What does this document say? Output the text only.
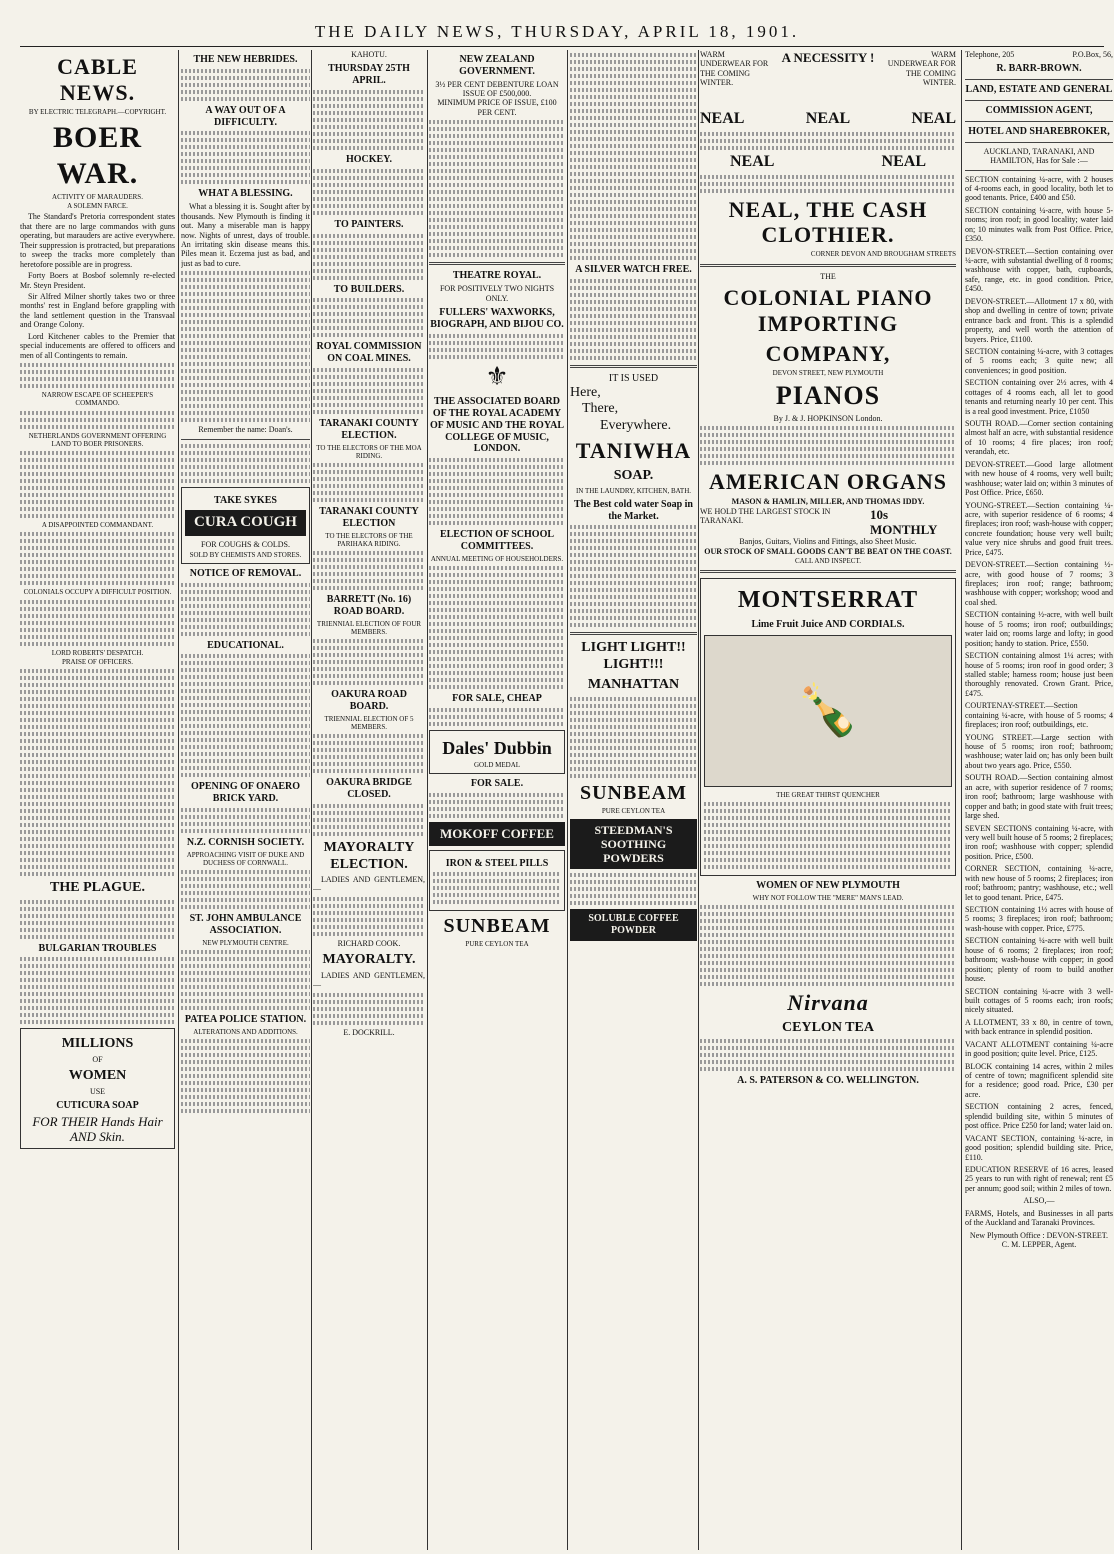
THE DAILY NEWS, THURSDAY, APRIL 18, 1901.
CABLE NEWS.
BY ELECTRIC TELEGRAPH.—COPYRIGHT.
BOER WAR.
ACTIVITY OF MARAUDERS.
A SOLEMN FARCE.
The Standard's Pretoria correspondent states that there are no large commandos with guns operating, but marauders are active everywhere. Their suppression is protracted, but preparations to sweep the tracks more completely than heretofore possible are in progress.
Forty Boers at Bosbof solemnly re-elected Mr. Steyn President.
Sir Alfred Milner shortly takes two or three months' rest in England before grappling with the land settlement question in the Transvaal and Orange Colony.
Lord Kitchener cables to the Premier that special inducements are offered to officers and men of all Contingents to remain.
NARROW ESCAPE OF SCHEEPER'S COMMANDO.
NETHERLANDS GOVERNMENT OFFERING LAND TO BOER PRISONERS.
A DISAPPOINTED COMMANDANT.
COLONIALS OCCUPY A DIFFICULT POSITION.
LORD ROBERTS' DESPATCH.
PRAISE OF OFFICERS.
THE PLAGUE.
BULGARIAN TROUBLES
MILLIONS
OF
WOMEN
USE
CUTICURA SOAP
FOR THEIR Hands Hair AND Skin.
THE NEW HEBRIDES.
A WAY OUT OF A DIFFICULTY.
WHAT A BLESSING.
What a blessing it is. Sought after by thousands. New Plymouth is finding it out. Many a miserable man is happy now. Nights of unrest, days of trouble. An irritating skin disease means this. Piles mean it. Eczema just as bad, and just as bad to cure.
Remember the name: Doan's.
TAKE SYKES
CURA COUGH
FOR COUGHS & COLDS.
SOLD BY CHEMISTS AND STORES.
NOTICE OF REMOVAL.
EDUCATIONAL.
OPENING OF ONAERO BRICK YARD.
N.Z. CORNISH SOCIETY.
APPROACHING VISIT OF DUKE AND DUCHESS OF CORNWALL.
ST. JOHN AMBULANCE ASSOCIATION.
NEW PLYMOUTH CENTRE.
PATEA POLICE STATION.
ALTERATIONS AND ADDITIONS.
KAHOTU.
THURSDAY 25TH APRIL.
HOCKEY.
TO PAINTERS.
TO BUILDERS.
ROYAL COMMISSION ON COAL MINES.
TARANAKI COUNTY ELECTION.
TO THE ELECTORS OF THE MOA RIDING.
TARANAKI COUNTY ELECTION
TO THE ELECTORS OF THE PARIHAKA RIDING.
BARRETT (No. 16) ROAD BOARD.
TRIENNIAL ELECTION OF FOUR MEMBERS.
OAKURA ROAD BOARD.
TRIENNIAL ELECTION OF 5 MEMBERS.
OAKURA BRIDGE CLOSED.
MAYORALTY ELECTION.
LADIES AND GENTLEMEN,—
RICHARD COOK.
MAYORALTY.
LADIES AND GENTLEMEN,—
E. DOCKRILL.
NEW ZEALAND GOVERNMENT.
3½ PER CENT DEBENTURE LOAN
ISSUE OF £500,000.
MINIMUM PRICE OF ISSUE, £100 PER CENT.
THEATRE ROYAL.
FOR POSITIVELY TWO NIGHTS ONLY.
FULLERS' WAXWORKS, BIOGRAPH, AND BIJOU CO.
⚜
THE ASSOCIATED BOARD OF THE ROYAL ACADEMY OF MUSIC AND THE ROYAL COLLEGE OF MUSIC, LONDON.
ELECTION OF SCHOOL COMMITTEES.
ANNUAL MEETING OF HOUSEHOLDERS.
FOR SALE, CHEAP
Dales' Dubbin
GOLD MEDAL
FOR SALE.
MOKOFF COFFEE
IRON & STEEL PILLS
SUNBEAM
PURE CEYLON TEA
A SILVER WATCH FREE.
IT IS USED
Here,
There,
Everywhere.
TANIWHA
SOAP.
IN THE LAUNDRY, KITCHEN, BATH.
The Best cold water Soap in the Market.
LIGHT LIGHT!! LIGHT!!!
MANHATTAN
SUNBEAM
PURE CEYLON TEA
STEEDMAN'S SOOTHING POWDERS
SOLUBLE COFFEE POWDER
WARM UNDERWEAR FOR THE COMING WINTER.
A NECESSITY !	WARM UNDERWEAR FOR THE COMING WINTER.
NEAL	NEAL	NEAL
NEAL	NEAL
NEAL, THE CASH CLOTHIER.
CORNER DEVON AND BROUGHAM STREETS
THE
COLONIAL PIANO IMPORTING
COMPANY,
DEVON STREET, NEW PLYMOUTH
PIANOS
By J. & J. HOPKINSON London.
AMERICAN ORGANS
MASON & HAMLIN, MILLER, AND THOMAS IDDY.
WE HOLD THE LARGEST STOCK IN TARANAKI.	10s MONTHLY
Banjos, Guitars, Violins and Fittings, also Sheet Music.
OUR STOCK OF SMALL GOODS CAN'T BE BEAT ON THE COAST.
CALL AND INSPECT.
MONTSERRAT
Lime Fruit Juice AND CORDIALS.
🍾
THE GREAT THIRST QUENCHER
WOMEN OF NEW PLYMOUTH
WHY NOT FOLLOW THE "MERE" MAN'S LEAD.
Nirvana
CEYLON TEA
A. S. PATERSON & CO. WELLINGTON.
Telephone, 205	P.O.Box, 56,
R. BARR-BROWN.
LAND, ESTATE AND GENERAL
COMMISSION AGENT,
HOTEL AND SHAREBROKER,
AUCKLAND, TARANAKI, AND HAMILTON, Has for Sale :—
SECTION containing ¼-acre, with 2 houses of 4-rooms each, in good locality, both let to good tenants. Price, £400 and £50.
SECTION containing ¼-acre, with house 5-rooms; iron roof; in good locality; water laid on; 10 minutes walk from Post Office. Price, £350.
DEVON-STREET.—Section containing over ¼-acre, with substantial dwelling of 8 rooms; washhouse with copper, bath, cupboards, safe, range, etc. in good condition. Price, £450.
DEVON-STREET.—Allotment 17 x 80, with shop and dwelling in centre of town; private entrance back and front. This is a splendid property, and well worth the attention of buyers. Price, £1100.
SECTION containing ¼-acre, with 3 cottages of 5 rooms each; 3 quite new; all conveniences; in good position.
SECTION containing over 2½ acres, with 4 cottages of 4 rooms each, all let to good tenants and returning nearly 10 per cent. This is a real good investment. Price, £1050
SOUTH ROAD.—Corner section containing almost half an acre, with substantial residence of 10 rooms; 4 fire places; iron roof; verandah, etc.
DEVON-STREET.—Good large allotment with new house of 4 rooms, very well built; washhouse; water laid on; within 3 minutes of Post Office. Price, £650.
YOUNG-STREET.—Section containing ¼-acre, with superior residence of 6 rooms; 4 fireplaces; iron roof; wash-house with copper; concrete foundation; house very well built; value very nice shrubs and good fruit trees. Price, £475.
DEVON-STREET.—Section containing ½-acre, with good house of 7 rooms; 3 fireplaces; iron roof; range; bathroom; washhouse with copper; workshop; wood and coal shed.
SECTION containing ½-acre, with well built house of 5 rooms; iron roof; outbuildings; water laid on; rooms large and lofty; in good position; handy to station. Price, £550.
SECTION containing almost 1¼ acres; with house of 5 rooms; iron roof in good order; 3 stalled stable; harness room; house just been thoroughly renovated. Crown Grant. Price, £475.
COURTENAY-STREET.—Section containing ¼-acre, with house of 5 rooms; 4 fireplaces; iron roof; outbuildings, etc.
YOUNG STREET.—Large section with house of 5 rooms; iron roof; bathroom; washhouse; water laid on; has only been built about two years ago. Price, £550.
SOUTH ROAD.—Section containing almost an acre, with superior residence of 7 rooms; iron roof; bathroom; large washhouse with copper and bath; in good state with fruit trees; large shed.
SEVEN SECTIONS containing ¼-acre, with very well built house of 5 rooms; 2 fireplaces; iron roof; washhouse with copper; splendid position. Price, £500.
CORNER SECTION, containing ¼-acre, with new house of 5 rooms; 2 fireplaces; iron roof; bathroom; pantry; washhouse, etc.; well let to good tenant. Price, £475.
SECTION containing 1½ acres with house of 5 rooms; 3 fireplaces; iron roof; bathroom; wash-house with copper. Price, £775.
SECTION containing ¼-acre with well built house of 6 rooms; 2 fireplaces; iron roof; bathroom; wash-house with copper; in good position; plenty of room to build another house.
SECTION containing ¼-acre with 3 well-built cottages of 5 rooms each; iron roofs; nicely situated.
A LLOTMENT, 33 x 80, in centre of town, with back entrance in splendid position.
VACANT ALLOTMENT containing ¼-acre in good position; quite level. Price, £125.
BLOCK containing 14 acres, within 2 miles of centre of town; magnificent splendid site for a residence; good road. Price, £30 per acre.
SECTION containing 2 acres, fenced, splendid building site, within 5 minutes of post office. Price £250 for land; water laid on.
VACANT SECTION, containing ¼-acre, in good position; splendid building site. Price, £110.
EDUCATION RESERVE of 16 acres, leased 25 years to run with right of renewal; rent £5 per annum; good soil; within 2 miles of town.
ALSO,—
FARMS, Hotels, and Businesses in all parts of the Auckland and Taranaki Provinces.
New Plymouth Office : DEVON-STREET.
C. M. LEPPER, Agent.
